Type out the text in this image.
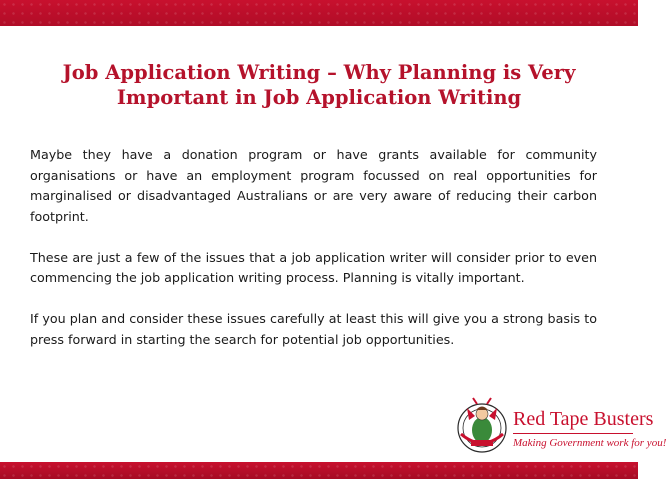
Job Application Writing – Why Planning is Very Important in Job Application Writing

Maybe they have a donation program or have grants available for community organisations or have an employment program focussed on real opportunities for marginalised or disadvantaged Australians or are very aware of reducing their carbon footprint.

These are just a few of the issues that a job application writer will consider prior to even commencing the job application writing process. Planning is vitally important.

If you plan and consider these issues carefully at least this will give you a strong basis to press forward in starting the search for potential job opportunities.

Red Tape Busters
Making Government work for you!
